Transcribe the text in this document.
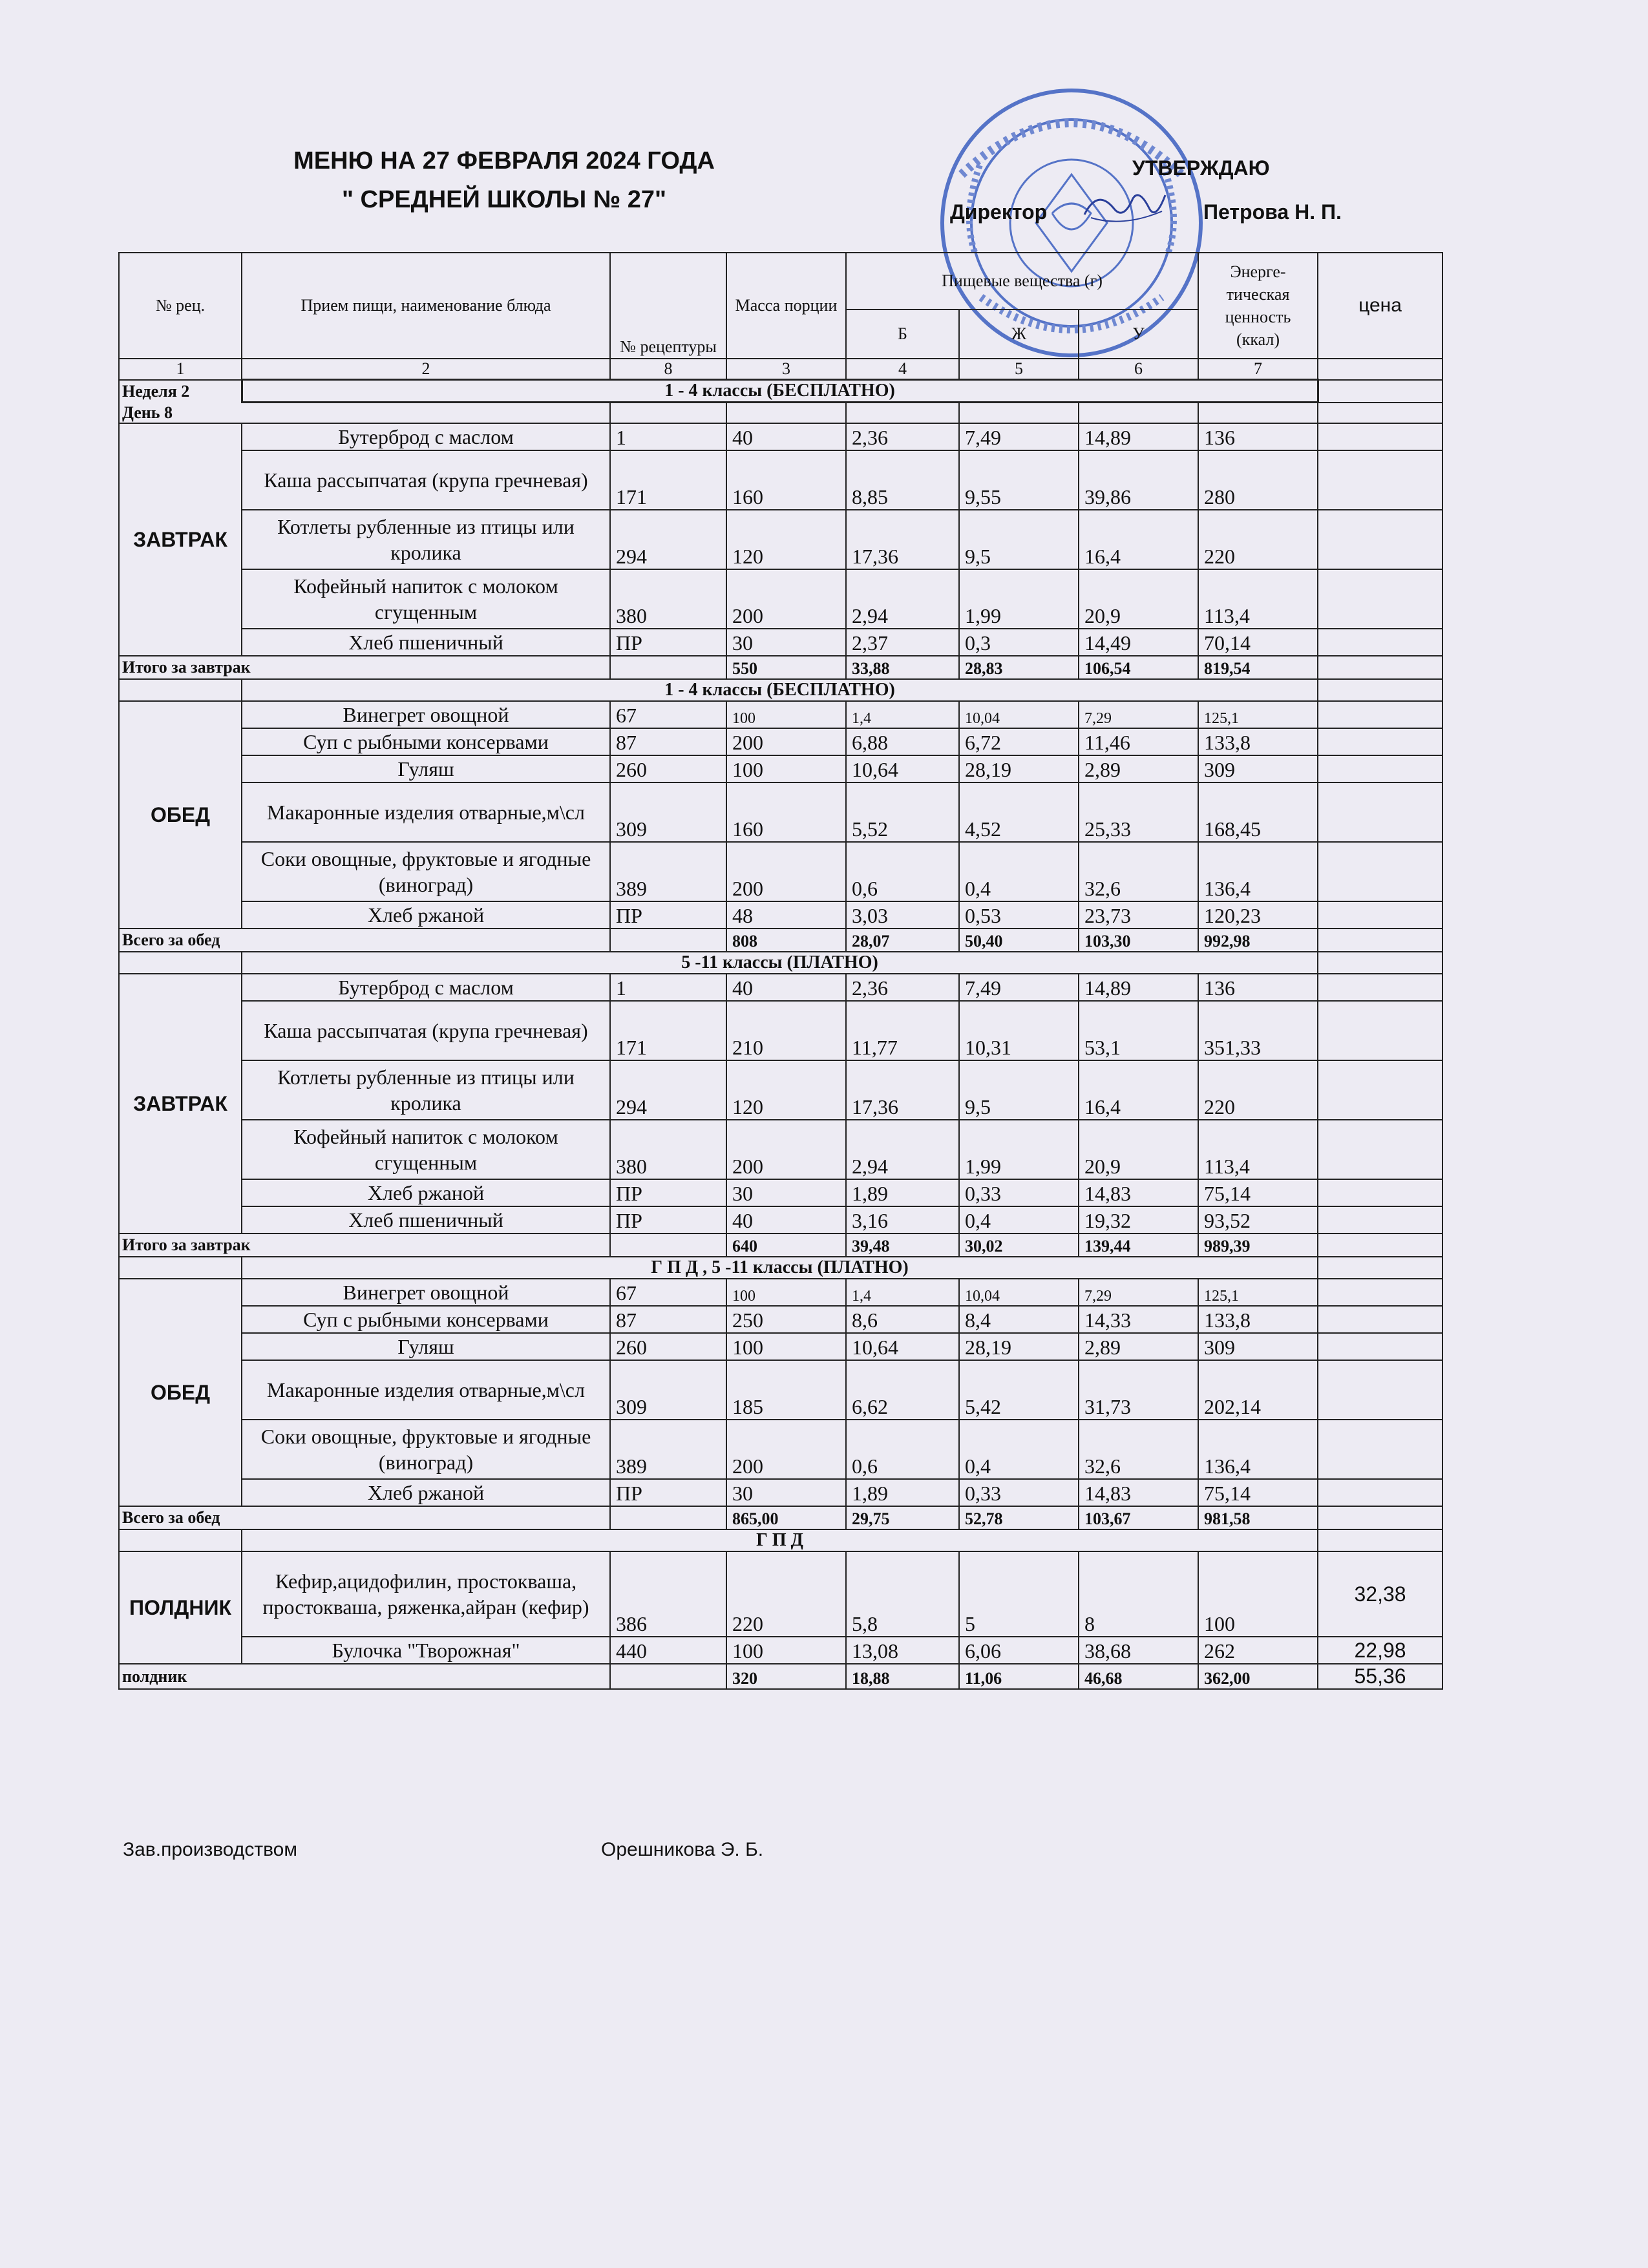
МЕНЮ НА 27 ФЕВРАЛЯ 2024 ГОДА
" СРЕДНЕЙ ШКОЛЫ № 27"
УТВЕРЖДАЮ
Директор	Петрова Н. П.
№ рец.	Прием пищи, наименование блюда	№ рецептуры	Масса порции	Пищевые вещества (г)			Энерге-тическая ценность (ккал)	цена
				Б	Ж	У		
1	2	8	3	4	5	6	7	
Неделя 2	1 - 4 классы (БЕСПЛАТНО)							
День 8								
ЗАВТРАК	Бутерброд с маслом	1	40	2,36	7,49	14,89	136	
	Каша рассыпчатая (крупа гречневая)	171	160	8,85	9,55	39,86	280	
	Котлеты рубленные из птицы или кролика	294	120	17,36	9,5	16,4	220	
	Кофейный напиток с молоком сгущенным	380	200	2,94	1,99	20,9	113,4	
	Хлеб пшеничный	ПР	30	2,37	0,3	14,49	70,14	
Итого за завтрак			550	33,88	28,83	106,54	819,54	
	1 - 4 классы (БЕСПЛАТНО)							
ОБЕД	Винегрет овощной	67	100	1,4	10,04	7,29	125,1	
	Суп с рыбными консервами	87	200	6,88	6,72	11,46	133,8	
	Гуляш	260	100	10,64	28,19	2,89	309	
	Макаронные изделия отварные,м\сл	309	160	5,52	4,52	25,33	168,45	
	Соки овощные, фруктовые и ягодные (виноград)	389	200	0,6	0,4	32,6	136,4	
	Хлеб ржаной	ПР	48	3,03	0,53	23,73	120,23	
Всего за обед			808	28,07	50,40	103,30	992,98	
	5 -11 классы (ПЛАТНО)							
ЗАВТРАК	Бутерброд с маслом	1	40	2,36	7,49	14,89	136	
	Каша рассыпчатая (крупа гречневая)	171	210	11,77	10,31	53,1	351,33	
	Котлеты рубленные из птицы или кролика	294	120	17,36	9,5	16,4	220	
	Кофейный напиток с молоком сгущенным	380	200	2,94	1,99	20,9	113,4	
	Хлеб ржаной	ПР	30	1,89	0,33	14,83	75,14	
	Хлеб пшеничный	ПР	40	3,16	0,4	19,32	93,52	
Итого за завтрак			640	39,48	30,02	139,44	989,39	
	Г П Д , 5 -11 классы (ПЛАТНО)							
ОБЕД	Винегрет овощной	67	100	1,4	10,04	7,29	125,1	
	Суп с рыбными консервами	87	250	8,6	8,4	14,33	133,8	
	Гуляш	260	100	10,64	28,19	2,89	309	
	Макаронные изделия отварные,м\сл	309	185	6,62	5,42	31,73	202,14	
	Соки овощные, фруктовые и ягодные (виноград)	389	200	0,6	0,4	32,6	136,4	
	Хлеб ржаной	ПР	30	1,89	0,33	14,83	75,14	
Всего за обед			865,00	29,75	52,78	103,67	981,58	
	Г П Д							
ПОЛДНИК	Кефир,ацидофилин, простокваша, простокваша, ряженка,айран (кефир)	386	220	5,8	5	8	100	32,38
	Булочка "Творожная"	440	100	13,08	6,06	38,68	262	22,98
полдник			320	18,88	11,06	46,68	362,00	55,36
Зав.производством	Орешникова Э. Б.
